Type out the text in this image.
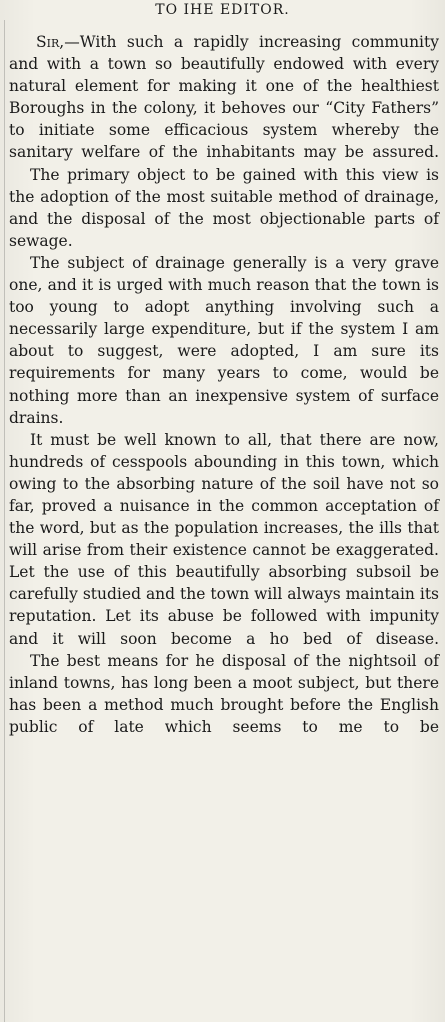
TO IHE EDITOR.

Sir,—With such a rapidly increasing community and with a town so beautifully endowed with every natural element for making it one of the healthiest Boroughs in the colony, it behoves our “City Fathers” to initiate some efficacious system whereby the sanitary welfare of the inhabitants may be assured.

The primary object to be gained with this view is the adoption of the most suitable method of drainage, and the disposal of the most objectionable parts of sewage.

The subject of drainage generally is a very grave one, and it is urged with much reason that the town is too young to adopt anything involving such a necessarily large expenditure, but if the system I am about to suggest, were adopted, I am sure its requirements for many years to come, would be nothing more than an inexpensive system of surface drains.

It must be well known to all, that there are now, hundreds of cesspools abounding in this town, which owing to the absorbing nature of the soil have not so far, proved a nuisance in the common acceptation of the word, but as the population increases, the ills that will arise from their existence cannot be exaggerated. Let the use of this beautifully absorbing subsoil be carefully studied and the town will always maintain its reputation. Let its abuse be followed with impunity and it will soon become a ho bed of disease.

The best means for he disposal of the nightsoil of inland towns, has long been a moot subject, but there has been a method much brought before the English public of late which seems to me to be
